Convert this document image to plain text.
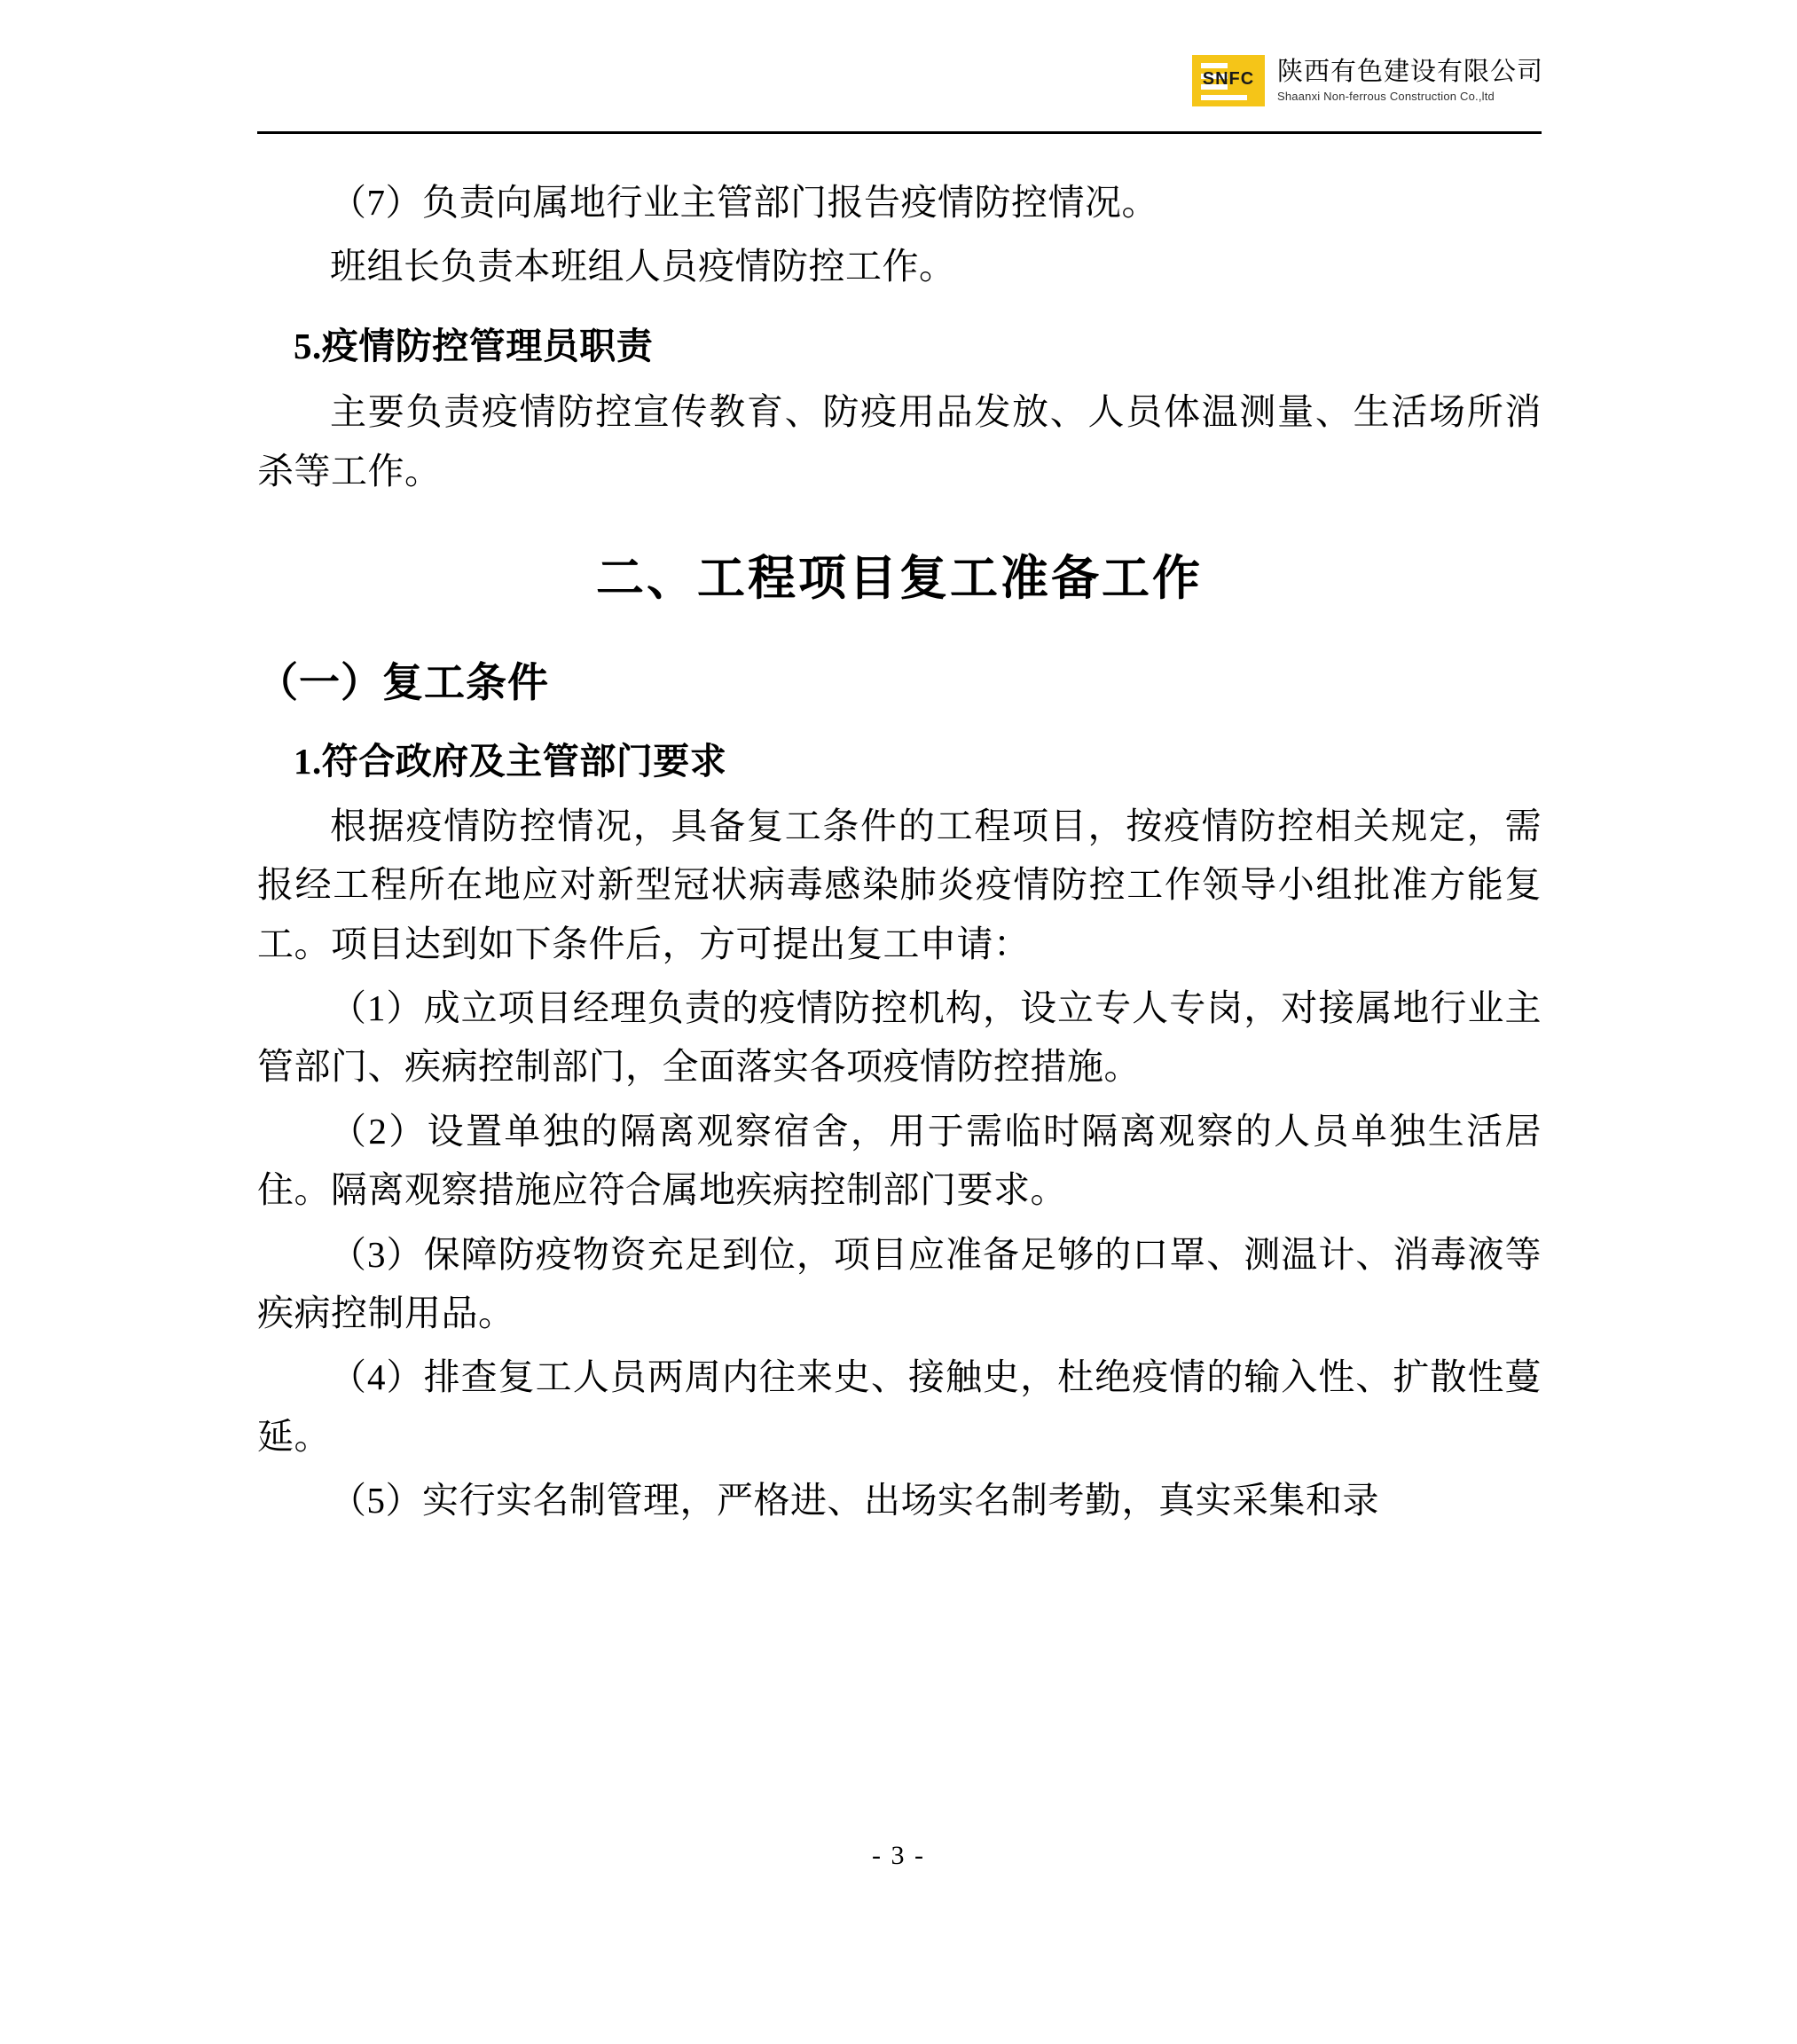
SNFC 陕西有色建设有限公司
Shaanxi Non-ferrous Construction Co.,ltd

（7）负责向属地行业主管部门报告疫情防控情况。

班组长负责本班组人员疫情防控工作。

5.疫情防控管理员职责

主要负责疫情防控宣传教育、防疫用品发放、人员体温测量、生活场所消杀等工作。

二、工程项目复工准备工作

（一）复工条件

1.符合政府及主管部门要求

根据疫情防控情况，具备复工条件的工程项目，按疫情防控相关规定，需报经工程所在地应对新型冠状病毒感染肺炎疫情防控工作领导小组批准方能复工。项目达到如下条件后，方可提出复工申请：

（1）成立项目经理负责的疫情防控机构，设立专人专岗，对接属地行业主管部门、疾病控制部门，全面落实各项疫情防控措施。

（2）设置单独的隔离观察宿舍，用于需临时隔离观察的人员单独生活居住。隔离观察措施应符合属地疾病控制部门要求。

（3）保障防疫物资充足到位，项目应准备足够的口罩、测温计、消毒液等疾病控制用品。

（4）排查复工人员两周内往来史、接触史，杜绝疫情的输入性、扩散性蔓延。

（5）实行实名制管理，严格进、出场实名制考勤，真实采集和录

- 3 -
